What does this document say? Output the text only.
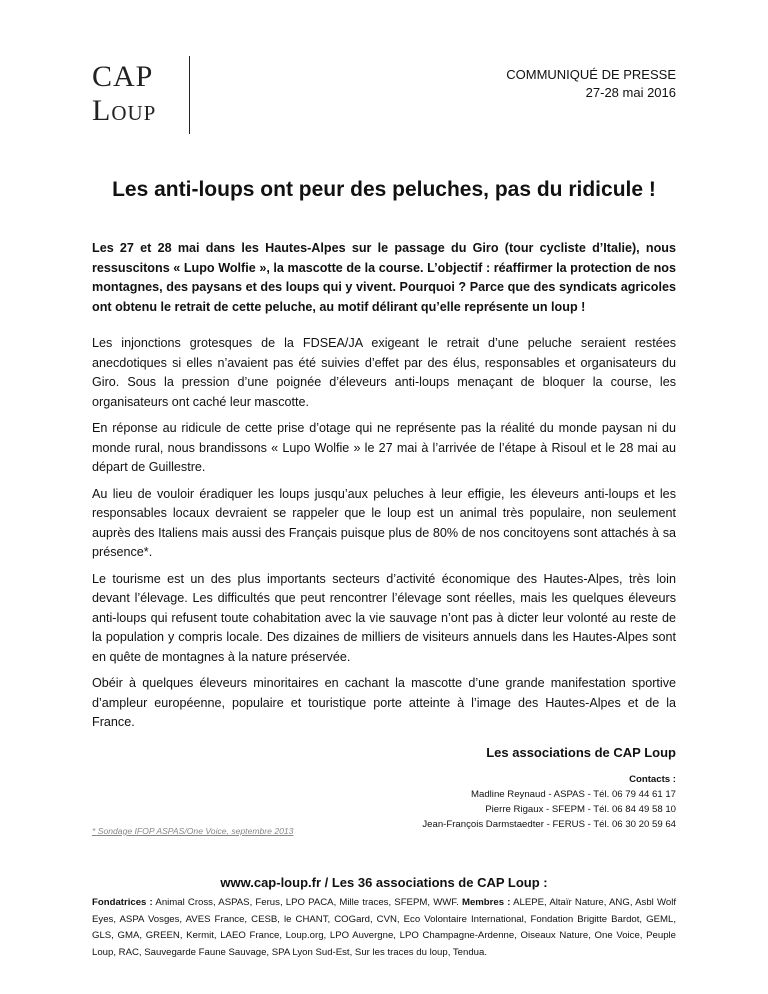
CAP
Loup
COMMUNIQUÉ DE PRESSE
27-28 mai 2016
Les anti-loups ont peur des peluches, pas du ridicule !

Les 27 et 28 mai dans les Hautes-Alpes sur le passage du Giro (tour cycliste d’Italie), nous ressuscitons « Lupo Wolfie », la mascotte de la course. L’objectif : réaffirmer la protection de nos montagnes, des paysans et des loups qui y vivent. Pourquoi ? Parce que des syndicats agricoles ont obtenu le retrait de cette peluche, au motif délirant qu’elle représente un loup !

Les injonctions grotesques de la FDSEA/JA exigeant le retrait d’une peluche seraient restées anecdotiques si elles n’avaient pas été suivies d’effet par des élus, responsables et organisateurs du Giro. Sous la pression d’une poignée d’éleveurs anti-loups menaçant de bloquer la course, les organisateurs ont caché leur mascotte.

En réponse au ridicule de cette prise d’otage qui ne représente pas la réalité du monde paysan ni du monde rural, nous brandissons « Lupo Wolfie » le 27 mai à l’arrivée de l’étape à Risoul et le 28 mai au départ de Guillestre.

Au lieu de vouloir éradiquer les loups jusqu’aux peluches à leur effigie, les éleveurs anti-loups et les responsables locaux devraient se rappeler que le loup est un animal très populaire, non seulement auprès des Italiens mais aussi des Français puisque plus de 80% de nos concitoyens sont attachés à sa présence*.

Le tourisme est un des plus importants secteurs d’activité économique des Hautes-Alpes, très loin devant l’élevage. Les difficultés que peut rencontrer l’élevage sont réelles, mais les quelques éleveurs anti-loups qui refusent toute cohabitation avec la vie sauvage n’ont pas à dicter leur volonté au reste de la population y compris locale. Des dizaines de milliers de visiteurs annuels dans les Hautes-Alpes sont en quête de montagnes à la nature préservée.

Obéir à quelques éleveurs minoritaires en cachant la mascotte d’une grande manifestation sportive d’ampleur européenne, populaire et touristique porte atteinte à l’image des Hautes-Alpes et de la France.

Les associations de CAP Loup
Contacts :
Madline Reynaud - ASPAS - Tél. 06 79 44 61 17
Pierre Rigaux - SFEPM - Tél. 06 84 49 58 10
Jean-François Darmstaedter - FERUS - Tél. 06 30 20 59 64
* Sondage IFOP ASPAS/One Voice, septembre 2013
www.cap-loup.fr / Les 36 associations de CAP Loup :
Fondatrices : Animal Cross, ASPAS, Ferus, LPO PACA, Mille traces, SFEPM, WWF. Membres : ALEPE, Altaïr Nature, ANG, Asbl Wolf Eyes, ASPA Vosges, AVES France, CESB, le CHANT, COGard, CVN, Eco Volontaire International, Fondation Brigitte Bardot, GEML, GLS, GMA, GREEN, Kermit, LAEO France, Loup.org, LPO Auvergne, LPO Champagne-Ardenne, Oiseaux Nature, One Voice, Peuple Loup, RAC, Sauvegarde Faune Sauvage, SPA Lyon Sud-Est, Sur les traces du loup, Tendua.
